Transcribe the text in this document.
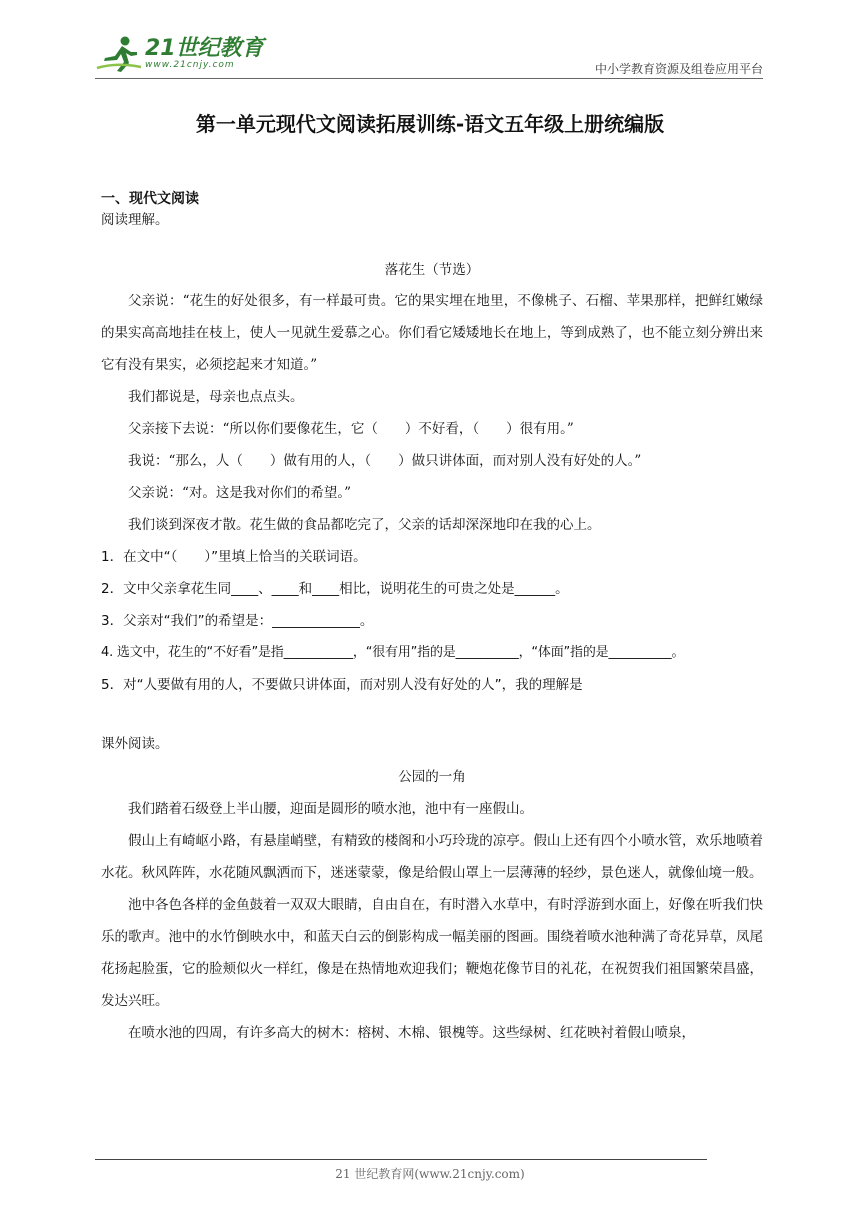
21世纪教育
www.21cnjy.com	中小学教育资源及组卷应用平台
第一单元现代文阅读拓展训练-语文五年级上册统编版
一、现代文阅读
阅读理解。
落花生（节选）
父亲说：“花生的好处很多，有一样最可贵。它的果实埋在地里，不像桃子、石榴、苹果那样，把鲜红嫩绿的果实高高地挂在枝上，使人一见就生爱慕之心。你们看它矮矮地长在地上，等到成熟了，也不能立刻分辨出来它有没有果实，必须挖起来才知道。”
我们都说是，母亲也点点头。
父亲接下去说：“所以你们要像花生，它（　　）不好看，（　　）很有用。”
我说：“那么，人（　　）做有用的人，（　　）做只讲体面，而对别人没有好处的人。”
父亲说：“对。这是我对你们的希望。”
我们谈到深夜才散。花生做的食品都吃完了，父亲的话却深深地印在我的心上。
1．在文中“（　　）”里填上恰当的关联词语。
2．文中父亲拿花生同____、____和____相比，说明花生的可贵之处是______。
3．父亲对“我们”的希望是：_____________。
4. 选文中，花生的“不好看”是指___________，“很有用”指的是__________，“体面”指的是__________。
5．对“人要做有用的人，不要做只讲体面，而对别人没有好处的人”，我的理解是
课外阅读。
公园的一角
我们踏着石级登上半山腰，迎面是圆形的喷水池，池中有一座假山。
假山上有崎岖小路，有悬崖峭壁，有精致的楼阁和小巧玲珑的凉亭。假山上还有四个小喷水管，欢乐地喷着水花。秋风阵阵，水花随风飘洒而下，迷迷蒙蒙，像是给假山罩上一层薄薄的轻纱，景色迷人，就像仙境一般。
池中各色各样的金鱼鼓着一双双大眼睛，自由自在，有时潜入水草中，有时浮游到水面上，好像在听我们快乐的歌声。池中的水竹倒映水中，和蓝天白云的倒影构成一幅美丽的图画。围绕着喷水池种满了奇花异草，凤尾花扬起脸蛋，它的脸颊似火一样红，像是在热情地欢迎我们；鞭炮花像节目的礼花，在祝贺我们祖国繁荣昌盛，发达兴旺。
在喷水池的四周，有许多高大的树木：榕树、木棉、银槐等。这些绿树、红花映衬着假山喷泉，
21 世纪教育网(www.21cnjy.com)
